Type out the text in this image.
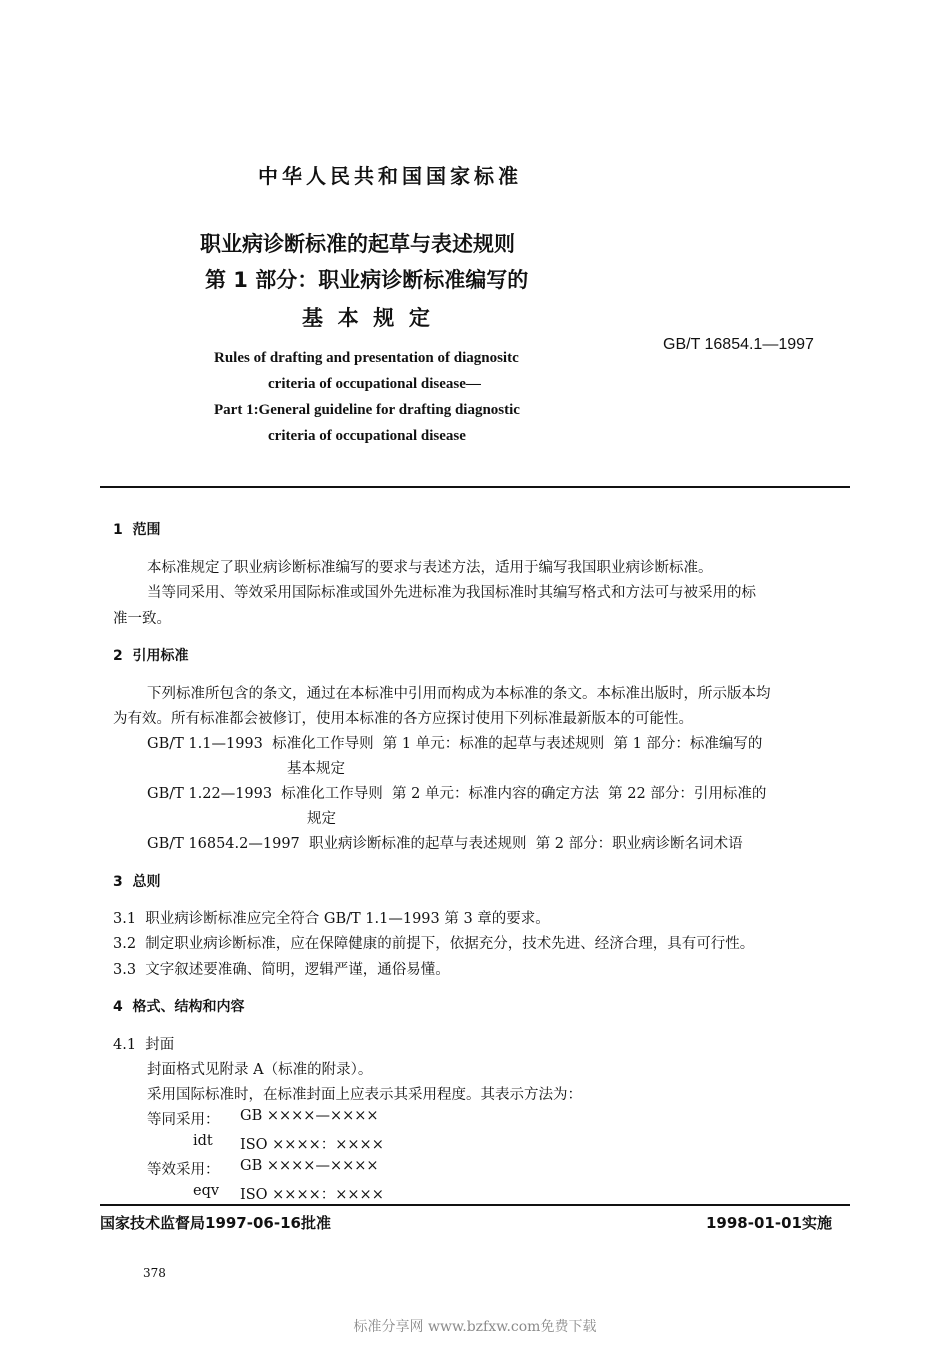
中华人民共和国国家标准
职业病诊断标准的起草与表述规则
第 1 部分：职业病诊断标准编写的
基  本  规  定
GB/T 16854.1—1997
Rules of drafting and presentation of diagnositc
criteria of occupational disease—
Part 1:General guideline for drafting diagnostic
criteria of occupational disease
1  范围
本标准规定了职业病诊断标准编写的要求与表述方法，适用于编写我国职业病诊断标准。
当等同采用、等效采用国际标准或国外先进标准为我国标准时其编写格式和方法可与被采用的标
准一致。
2  引用标准
下列标准所包含的条文，通过在本标准中引用而构成为本标准的条文。本标准出版时，所示版本均
为有效。所有标准都会被修订，使用本标准的各方应探讨使用下列标准最新版本的可能性。
GB/T 1.1—1993  标准化工作导则  第 1 单元：标准的起草与表述规则  第 1 部分：标准编写的
基本规定
GB/T 1.22—1993  标准化工作导则  第 2 单元：标准内容的确定方法  第 22 部分：引用标准的
规定
GB/T 16854.2—1997  职业病诊断标准的起草与表述规则  第 2 部分：职业病诊断名词术语
3  总则
3.1  职业病诊断标准应完全符合 GB/T 1.1—1993 第 3 章的要求。
3.2  制定职业病诊断标准，应在保障健康的前提下，依据充分，技术先进、经济合理，具有可行性。
3.3  文字叙述要准确、简明，逻辑严谨，通俗易懂。
4  格式、结构和内容
4.1  封面
封面格式见附录 A（标准的附录）。
采用国际标准时，在标准封面上应表示其采用程度。其表示方法为：
等同采用： GB ××××—××××
idt ISO ××××：××××
等效采用： GB ××××—××××
eqv ISO ××××：××××
国家技术监督局1997-06-16批准	1998-01-01实施
378
标准分享网 www.bzfxw.com免费下载
